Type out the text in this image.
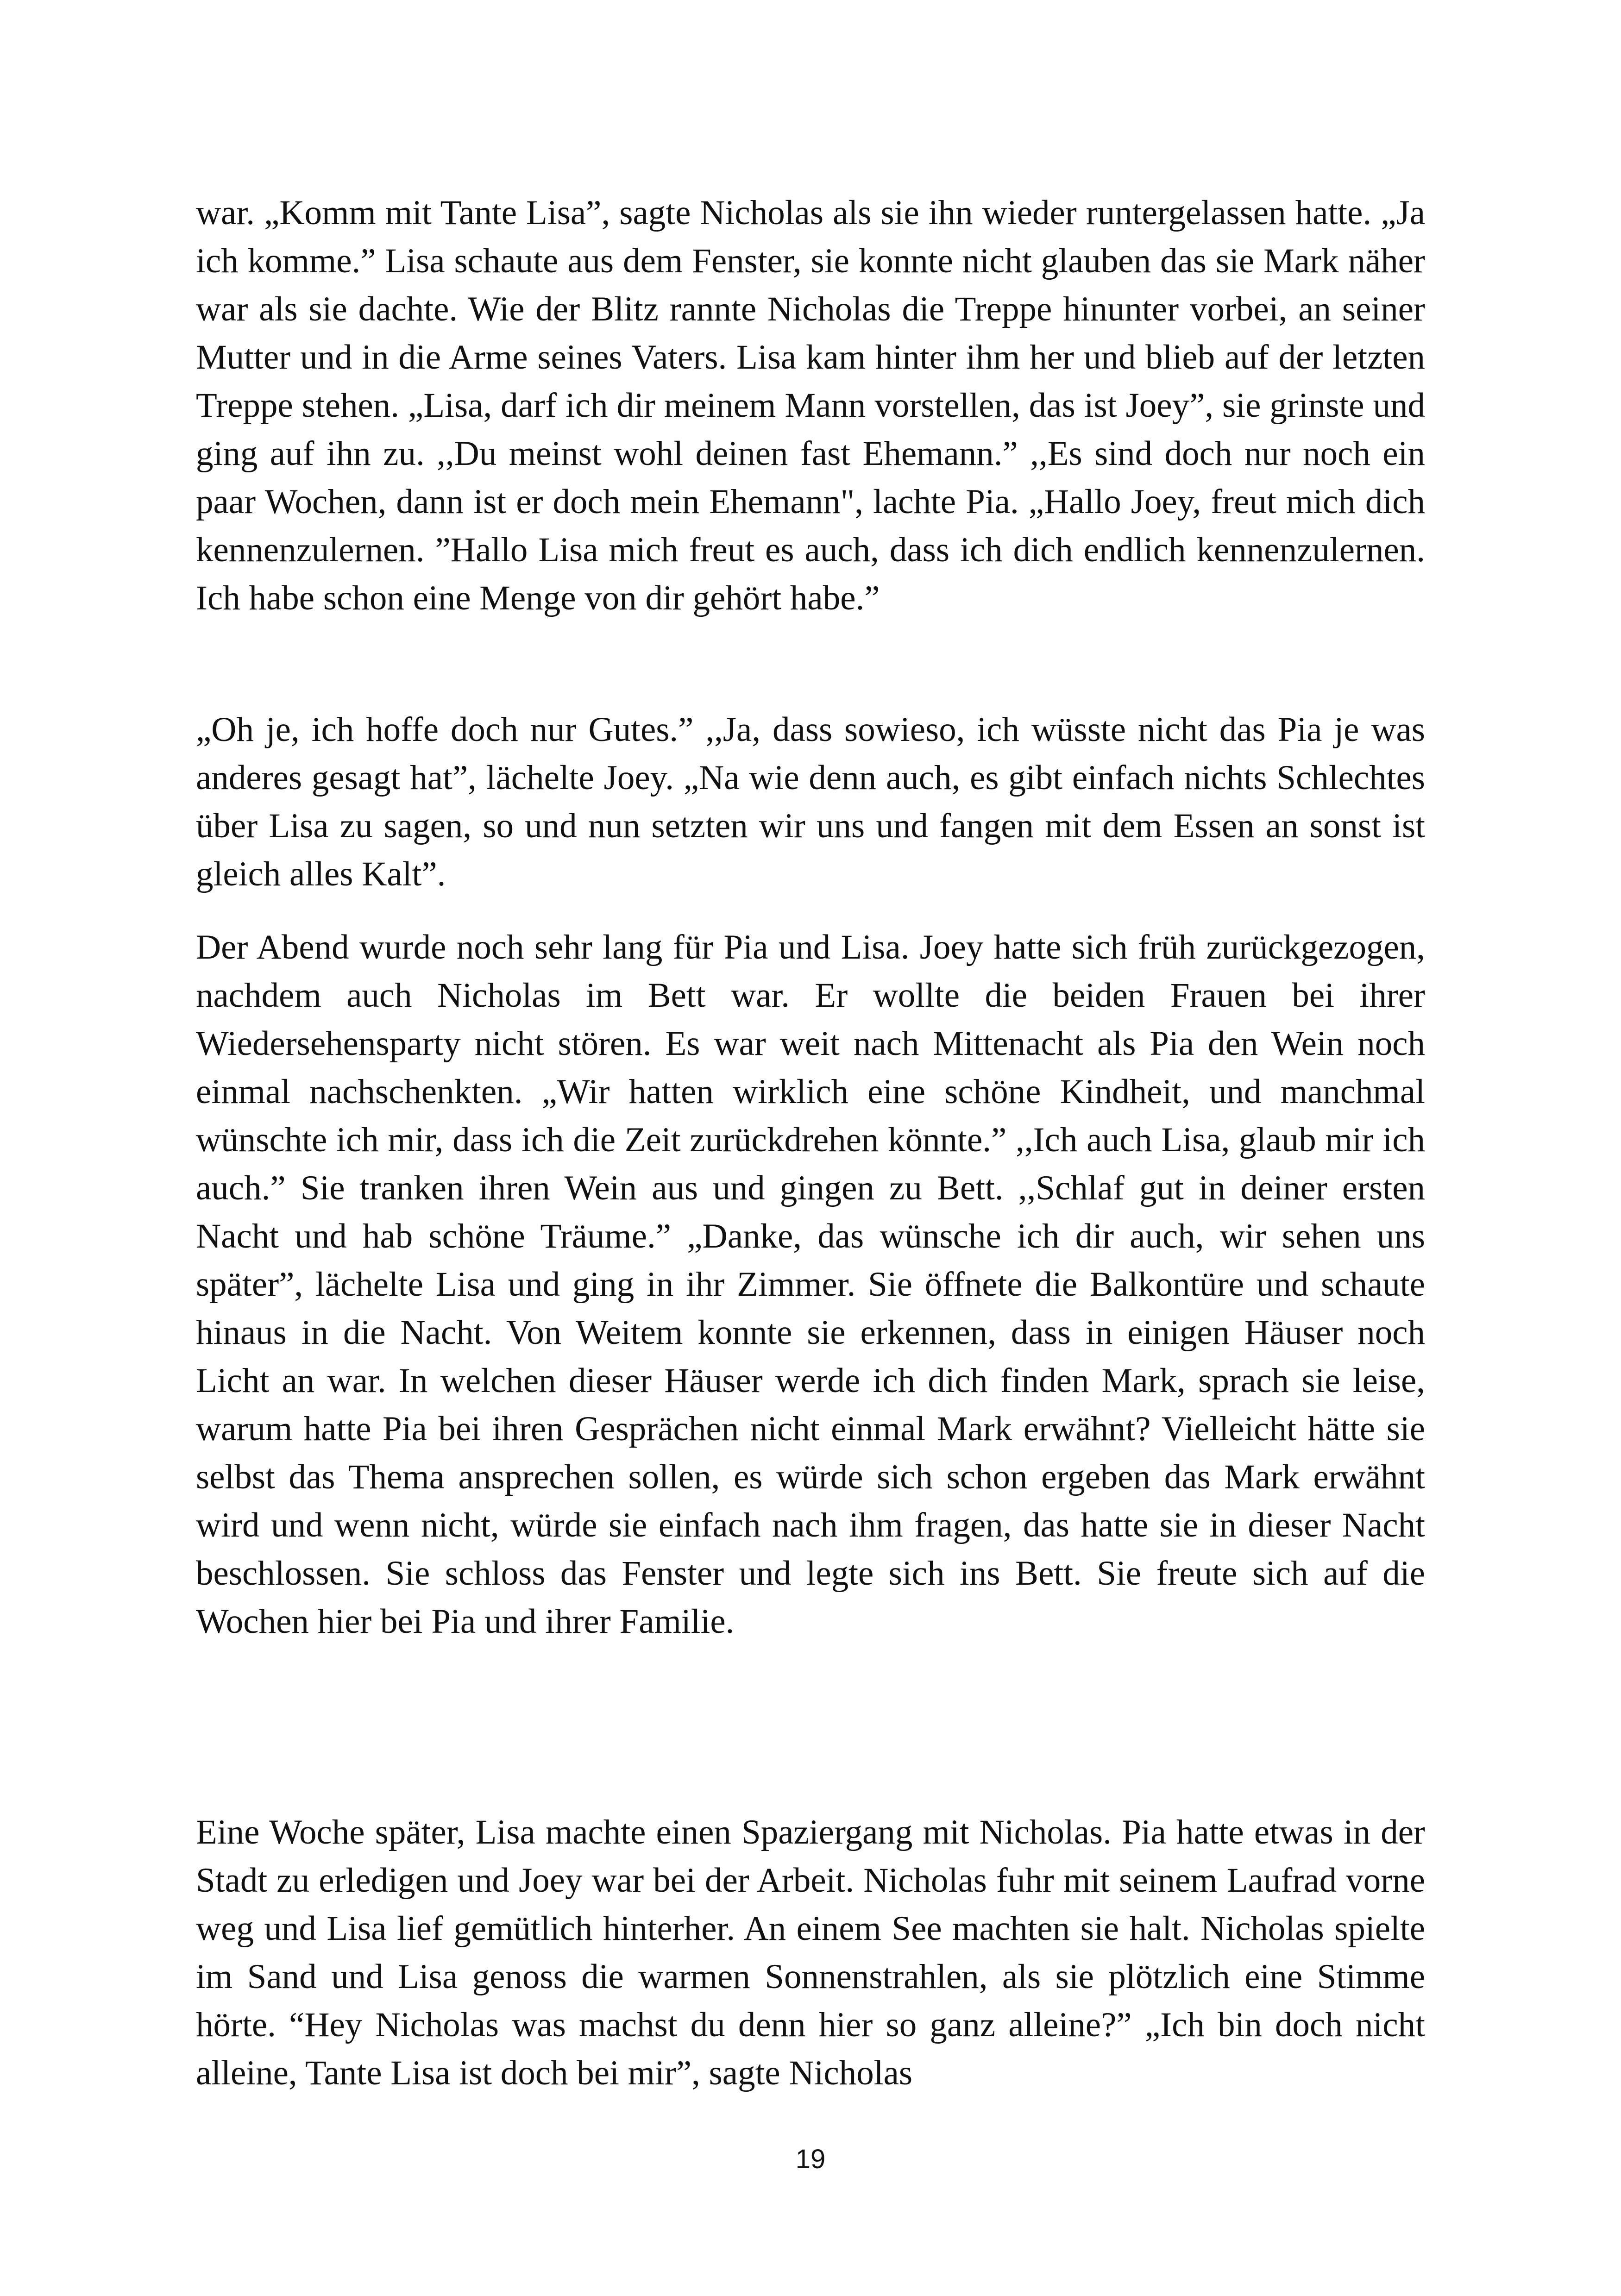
war. „Komm mit Tante Lisa”, sagte Nicholas als sie ihn wieder runtergelassen hatte. „Ja ich komme.” Lisa schaute aus dem Fenster, sie konnte nicht glauben das sie Mark näher war als sie dachte. Wie der Blitz rannte Nicholas die Treppe hinunter vorbei, an seiner Mutter und in die Arme seines Vaters. Lisa kam hinter ihm her und blieb auf der letzten Treppe stehen. „Lisa, darf ich dir meinem Mann vorstellen, das ist Joey”, sie grinste und ging auf ihn zu. ,,Du meinst wohl deinen fast Ehemann.” ,,Es sind doch nur noch ein paar Wochen, dann ist er doch mein Ehemann", lachte Pia. „Hallo Joey, freut mich dich kennenzulernen. ”Hallo Lisa mich freut es auch, dass ich dich endlich kennenzulernen. Ich habe schon eine Menge von dir gehört habe.”

„Oh je, ich hoffe doch nur Gutes.” ,,Ja, dass sowieso, ich wüsste nicht das Pia je was anderes gesagt hat”, lächelte Joey. „Na wie denn auch, es gibt einfach nichts Schlechtes über Lisa zu sagen, so und nun setzten wir uns und fangen mit dem Essen an sonst ist gleich alles Kalt”.

Der Abend wurde noch sehr lang für Pia und Lisa. Joey hatte sich früh zurückgezogen, nachdem auch Nicholas im Bett war. Er wollte die beiden Frauen bei ihrer Wiedersehensparty nicht stören. Es war weit nach Mittenacht als Pia den Wein noch einmal nachschenkten. „Wir hatten wirklich eine schöne Kindheit, und manchmal wünschte ich mir, dass ich die Zeit zurückdrehen könnte.” ,,Ich auch Lisa, glaub mir ich auch.” Sie tranken ihren Wein aus und gingen zu Bett. ,,Schlaf gut in deiner ersten Nacht und hab schöne Träume.” „Danke, das wünsche ich dir auch, wir sehen uns später”, lächelte Lisa und ging in ihr Zimmer. Sie öffnete die Balkontüre und schaute hinaus in die Nacht. Von Weitem konnte sie erkennen, dass in einigen Häuser noch Licht an war. In welchen dieser Häuser werde ich dich finden Mark, sprach sie leise, warum hatte Pia bei ihren Gesprächen nicht einmal Mark erwähnt? Vielleicht hätte sie selbst das Thema ansprechen sollen, es würde sich schon ergeben das Mark erwähnt wird und wenn nicht, würde sie einfach nach ihm fragen, das hatte sie in dieser Nacht beschlossen. Sie schloss das Fenster und legte sich ins Bett. Sie freute sich auf die Wochen hier bei Pia und ihrer Familie.

Eine Woche später, Lisa machte einen Spaziergang mit Nicholas. Pia hatte etwas in der Stadt zu erledigen und Joey war bei der Arbeit. Nicholas fuhr mit seinem Laufrad vorne weg und Lisa lief gemütlich hinterher. An einem See machten sie halt. Nicholas spielte im Sand und Lisa genoss die warmen Sonnenstrahlen, als sie plötzlich eine Stimme hörte. “Hey Nicholas was machst du denn hier so ganz alleine?” „Ich bin doch nicht alleine, Tante Lisa ist doch bei mir”, sagte Nicholas

19
